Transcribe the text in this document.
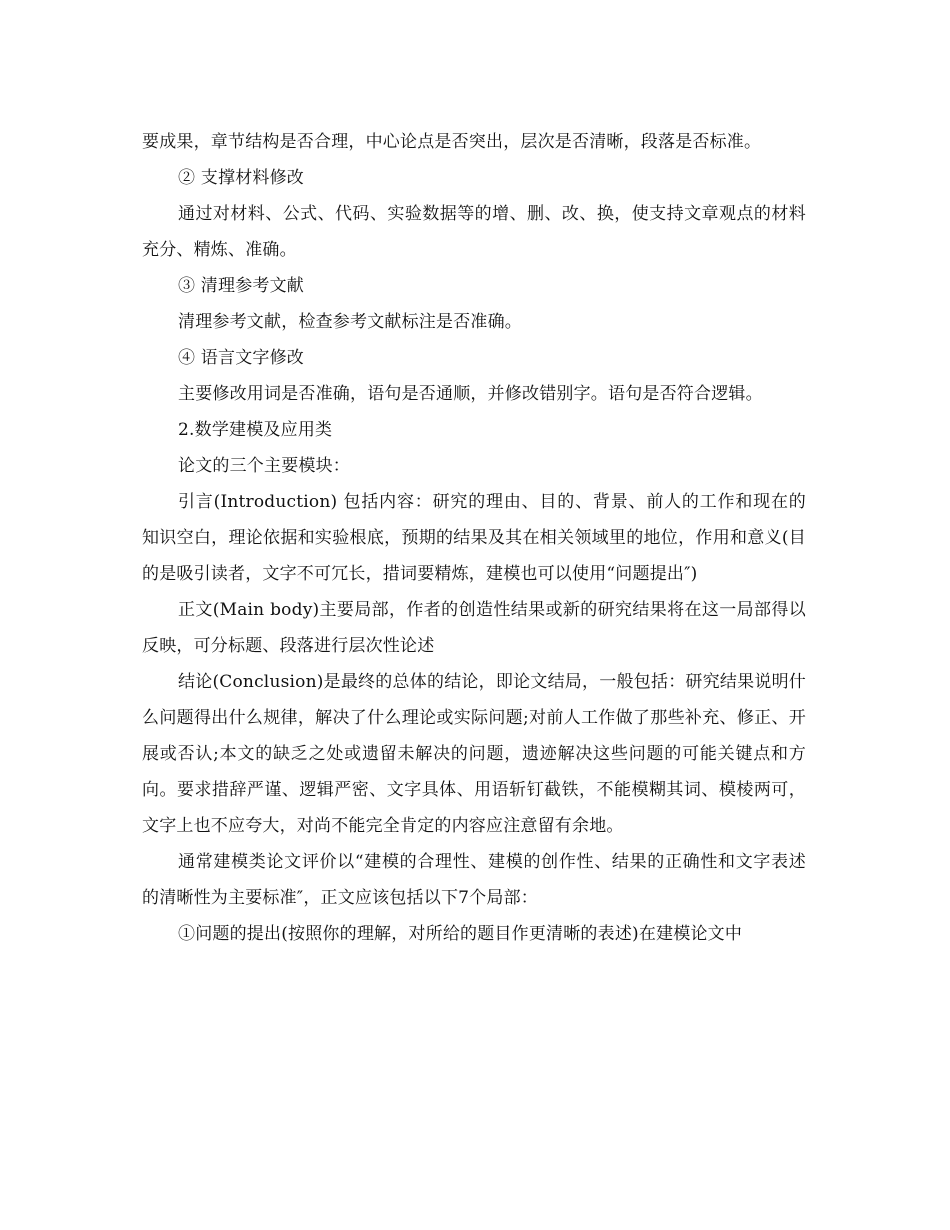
要成果，章节结构是否合理，中心论点是否突出，层次是否清晰，段落是否标准。

② 支撑材料修改

通过对材料、公式、代码、实验数据等的增、删、改、换，使支持文章观点的材料充分、精炼、准确。

③ 清理参考文献

清理参考文献，检查参考文献标注是否准确。

④ 语言文字修改

主要修改用词是否准确，语句是否通顺，并修改错别字。语句是否符合逻辑。

2.数学建模及应用类

论文的三个主要模块：

引言(Introduction) 包括内容：研究的理由、目的、背景、前人的工作和现在的知识空白，理论依据和实验根底，预期的结果及其在相关领域里的地位，作用和意义(目的是吸引读者，文字不可冗长，措词要精炼，建模也可以使用“问题提出″)

正文(Main body)主要局部，作者的创造性结果或新的研究结果将在这一局部得以反映，可分标题、段落进行层次性论述

结论(Conclusion)是最终的总体的结论，即论文结局，一般包括：研究结果说明什么问题得出什么规律，解决了什么理论或实际问题;对前人工作做了那些补充、修正、开展或否认;本文的缺乏之处或遗留未解决的问题，遗迹解决这些问题的可能关键点和方向。要求措辞严谨、逻辑严密、文字具体、用语斩钉截铁，不能模糊其词、模棱两可，文字上也不应夸大，对尚不能完全肯定的内容应注意留有余地。

通常建模类论文评价以“建模的合理性、建模的创作性、结果的正确性和文字表述的清晰性为主要标准″，正文应该包括以下7个局部：

①问题的提出(按照你的理解，对所给的题目作更清晰的表述)在建模论文中
